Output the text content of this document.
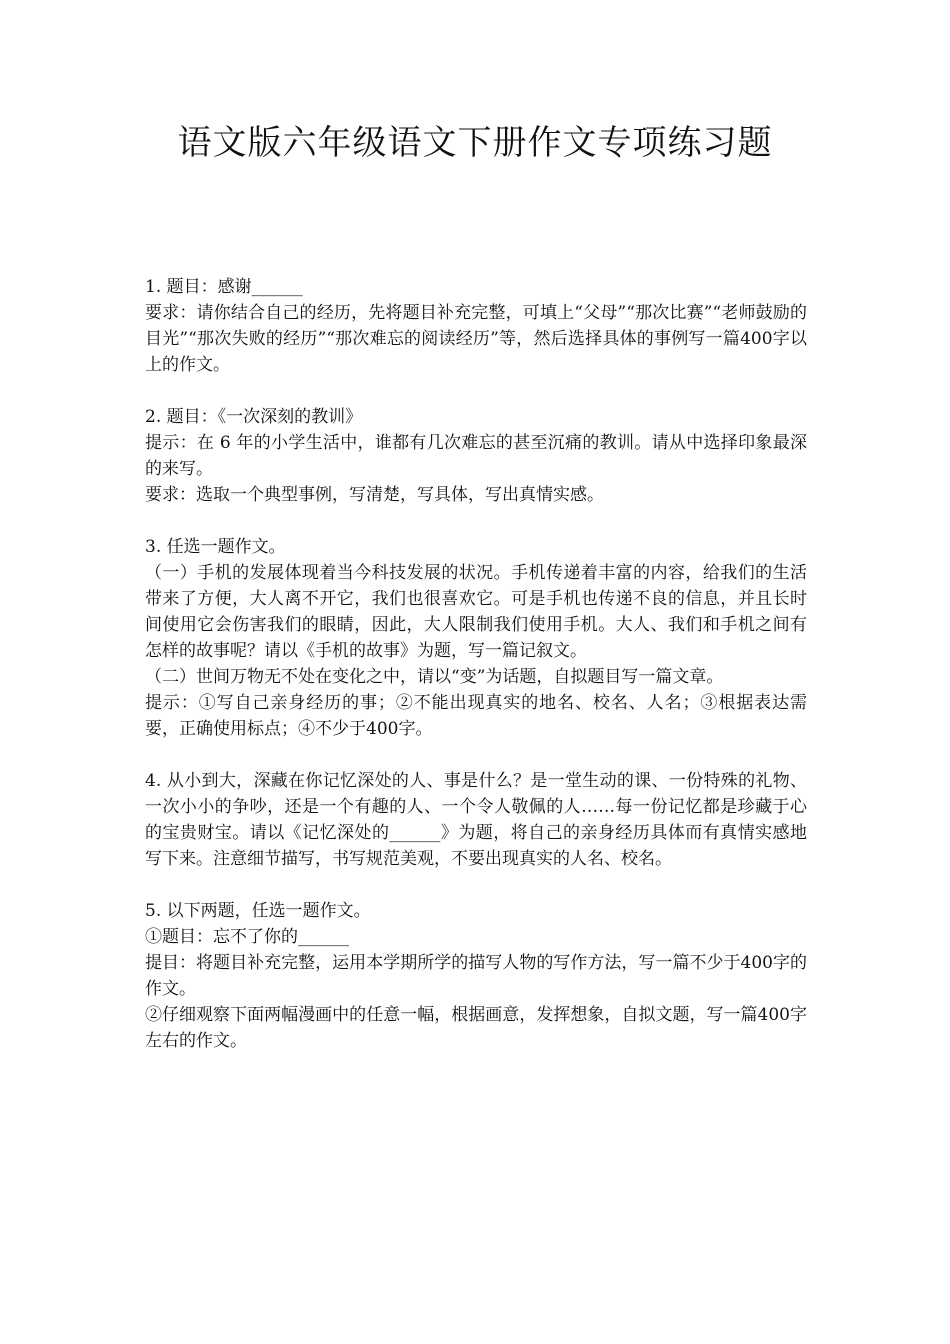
语文版六年级语文下册作文专项练习题
1. 题目：感谢______
要求：请你结合自己的经历，先将题目补充完整，可填上“父母”“那次比赛”“老师鼓励的目光”“那次失败的经历”“那次难忘的阅读经历”等，然后选择具体的事例写一篇400字以上的作文。
2. 题目：《一次深刻的教训》
提示：在 6 年的小学生活中，谁都有几次难忘的甚至沉痛的教训。请从中选择印象最深的来写。
要求：选取一个典型事例，写清楚，写具体，写出真情实感。
3. 任选一题作文。
（一）手机的发展体现着当今科技发展的状况。手机传递着丰富的内容，给我们的生活带来了方便，大人离不开它，我们也很喜欢它。可是手机也传递不良的信息，并且长时间使用它会伤害我们的眼睛，因此，大人限制我们使用手机。大人、我们和手机之间有怎样的故事呢？请以《手机的故事》为题，写一篇记叙文。
（二）世间万物无不处在变化之中，请以“变”为话题，自拟题目写一篇文章。
提示：①写自己亲身经历的事；②不能出现真实的地名、校名、人名；③根据表达需要，正确使用标点；④不少于400字。
4. 从小到大，深藏在你记忆深处的人、事是什么？是一堂生动的课、一份特殊的礼物、一次小小的争吵，还是一个有趣的人、一个令人敬佩的人……每一份记忆都是珍藏于心的宝贵财宝。请以《记忆深处的______》为题，将自己的亲身经历具体而有真情实感地写下来。注意细节描写，书写规范美观，不要出现真实的人名、校名。
5. 以下两题，任选一题作文。
①题目：忘不了你的______
提目：将题目补充完整，运用本学期所学的描写人物的写作方法，写一篇不少于400字的作文。
②仔细观察下面两幅漫画中的任意一幅，根据画意，发挥想象，自拟文题，写一篇400字左右的作文。
